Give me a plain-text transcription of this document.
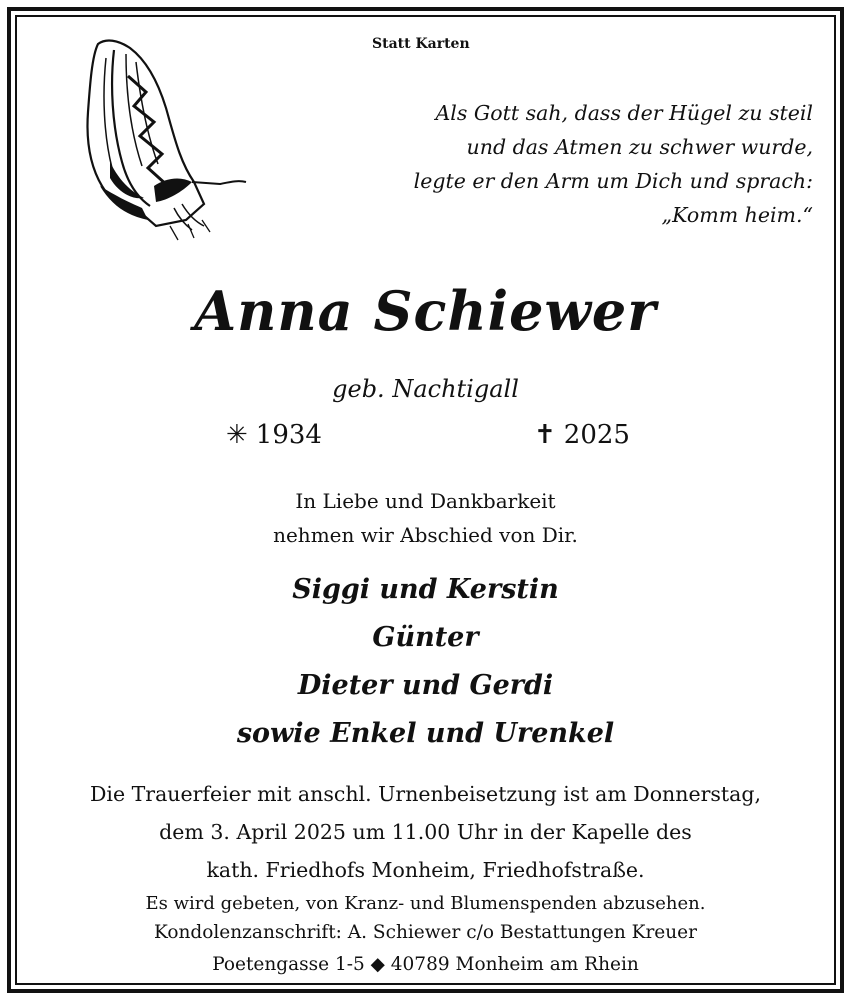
Statt Karten
Als Gott sah, dass der Hügel zu steil
und das Atmen zu schwer wurde,
legte er den Arm um Dich und sprach:
„Komm heim.“
Anna Schiewer
geb. Nachtigall
✳ 1934	✝ 2025
In Liebe und Dankbarkeit
nehmen wir Abschied von Dir.
Siggi und Kerstin
Günter
Dieter und Gerdi
sowie Enkel und Urenkel
Die Trauerfeier mit anschl. Urnenbeisetzung ist am Donnerstag,
dem 3. April 2025 um 11.00 Uhr in der Kapelle des
kath. Friedhofs Monheim, Friedhofstraße.
Es wird gebeten, von Kranz- und Blumenspenden abzusehen.
Kondolenzanschrift: A. Schiewer c/o Bestattungen Kreuer
Poetengasse 1-5 ◆ 40789 Monheim am Rhein
